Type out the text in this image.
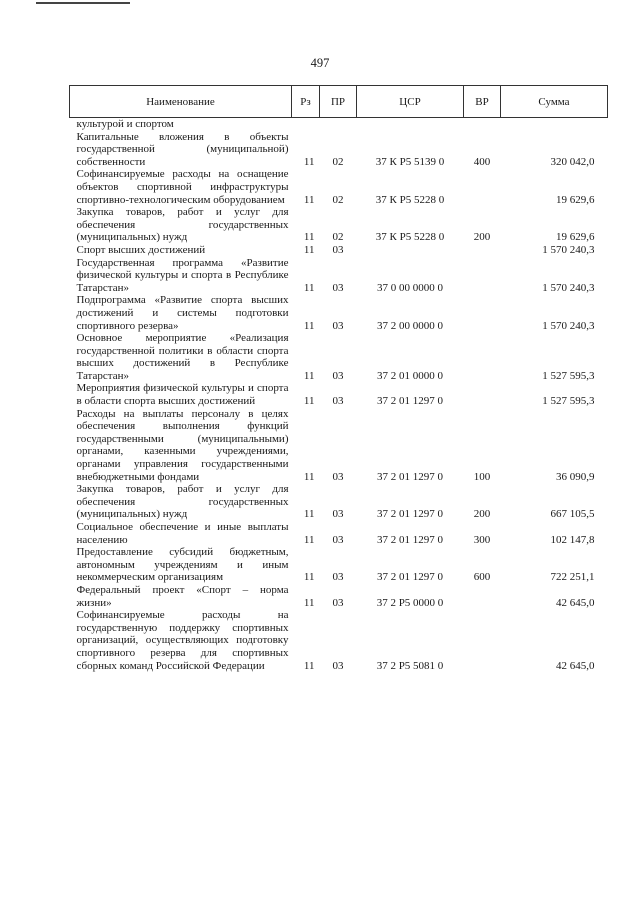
497
Наименование	Рз	ПР	ЦСР	ВР	Сумма
культурой и спортом					
Капитальные вложения в объекты государственной (муниципальной) собственности	11	02	37 К Р5 5139 0	400	320 042,0
Софинансируемые расходы на оснащение объектов спортивной инфраструктуры спортивно-технологическим оборудованием	11	02	37 К Р5 5228 0		19 629,6
Закупка товаров, работ и услуг для обеспечения государственных (муниципальных) нужд	11	02	37 К Р5 5228 0	200	19 629,6
Спорт высших достижений	11	03			1 570 240,3
Государственная программа «Развитие физической культуры и спорта в Республике Татарстан»	11	03	37 0 00 0000 0		1 570 240,3
Подпрограмма «Развитие спорта высших достижений и системы подготовки спортивного резерва»	11	03	37 2 00 0000 0		1 570 240,3
Основное мероприятие «Реализация государственной политики в области спорта высших достижений в Республике Татарстан»	11	03	37 2 01 0000 0		1 527 595,3
Мероприятия физической культуры и спорта в области спорта высших достижений	11	03	37 2 01 1297 0		1 527 595,3
Расходы на выплаты персоналу в целях обеспечения выполнения функций государственными (муниципальными) органами, казенными учреждениями, органами управления государственными внебюджетными фондами	11	03	37 2 01 1297 0	100	36 090,9
Закупка товаров, работ и услуг для обеспечения государственных (муниципальных) нужд	11	03	37 2 01 1297 0	200	667 105,5
Социальное обеспечение и иные выплаты населению	11	03	37 2 01 1297 0	300	102 147,8
Предоставление субсидий бюджетным, автономным учреждениям и иным некоммерческим организациям	11	03	37 2 01 1297 0	600	722 251,1
Федеральный проект «Спорт – норма жизни»	11	03	37 2 Р5 0000 0		42 645,0
Софинансируемые расходы на государственную поддержку спортивных организаций, осуществляющих подготовку спортивного резерва для спортивных сборных команд Российской Федерации	11	03	37 2 Р5 5081 0		42 645,0
